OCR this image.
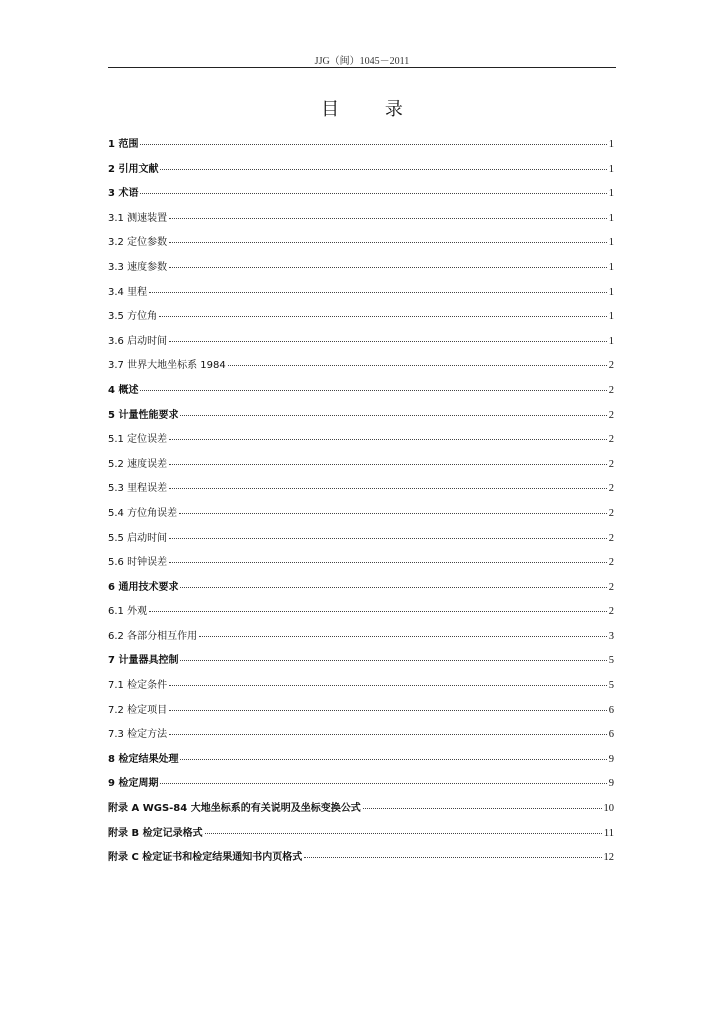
JJG（闽）1045－2011
目 录
1 范围	1
2 引用文献	1
3 术语	1
3.1 测速装置	1
3.2 定位参数	1
3.3 速度参数	1
3.4 里程	1
3.5 方位角	1
3.6 启动时间	1
3.7 世界大地坐标系 1984	2
4 概述	2
5 计量性能要求	2
5.1 定位误差	2
5.2 速度误差	2
5.3 里程误差	2
5.4 方位角误差	2
5.5 启动时间	2
5.6 时钟误差	2
6 通用技术要求	2
6.1 外观	2
6.2 各部分相互作用	3
7 计量器具控制	5
7.1 检定条件	5
7.2 检定项目	6
7.3 检定方法	6
8 检定结果处理	9
9 检定周期	9
附录 A WGS-84 大地坐标系的有关说明及坐标变换公式	10
附录 B 检定记录格式	11
附录 C 检定证书和检定结果通知书内页格式	12
